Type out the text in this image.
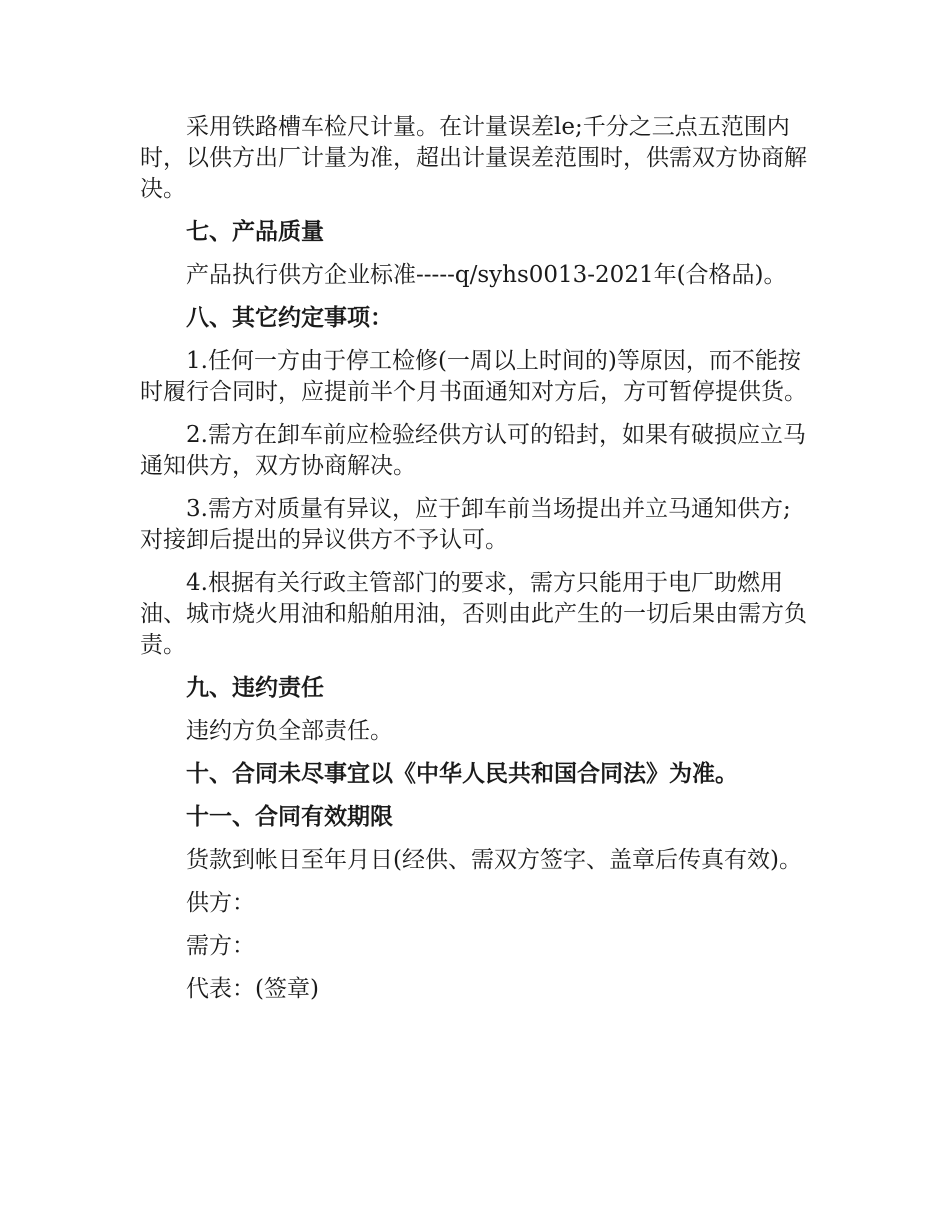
采用铁路槽车检尺计量。在计量误差le;千分之三点五范围内时，以供方出厂计量为准，超出计量误差范围时，供需双方协商解决。

七、产品质量

产品执行供方企业标准-----q/syhs0013-2021年(合格品)。

八、其它约定事项：

1.任何一方由于停工检修(一周以上时间的)等原因，而不能按时履行合同时，应提前半个月书面通知对方后，方可暂停提供货。

2.需方在卸车前应检验经供方认可的铅封，如果有破损应立马通知供方，双方协商解决。

3.需方对质量有异议，应于卸车前当场提出并立马通知供方;对接卸后提出的异议供方不予认可。

4.根据有关行政主管部门的要求，需方只能用于电厂助燃用油、城市烧火用油和船舶用油，否则由此产生的一切后果由需方负责。

九、违约责任

违约方负全部责任。

十、合同未尽事宜以《中华人民共和国合同法》为准。

十一、合同有效期限

货款到帐日至年月日(经供、需双方签字、盖章后传真有效)。

供方：

需方：

代表：(签章)
